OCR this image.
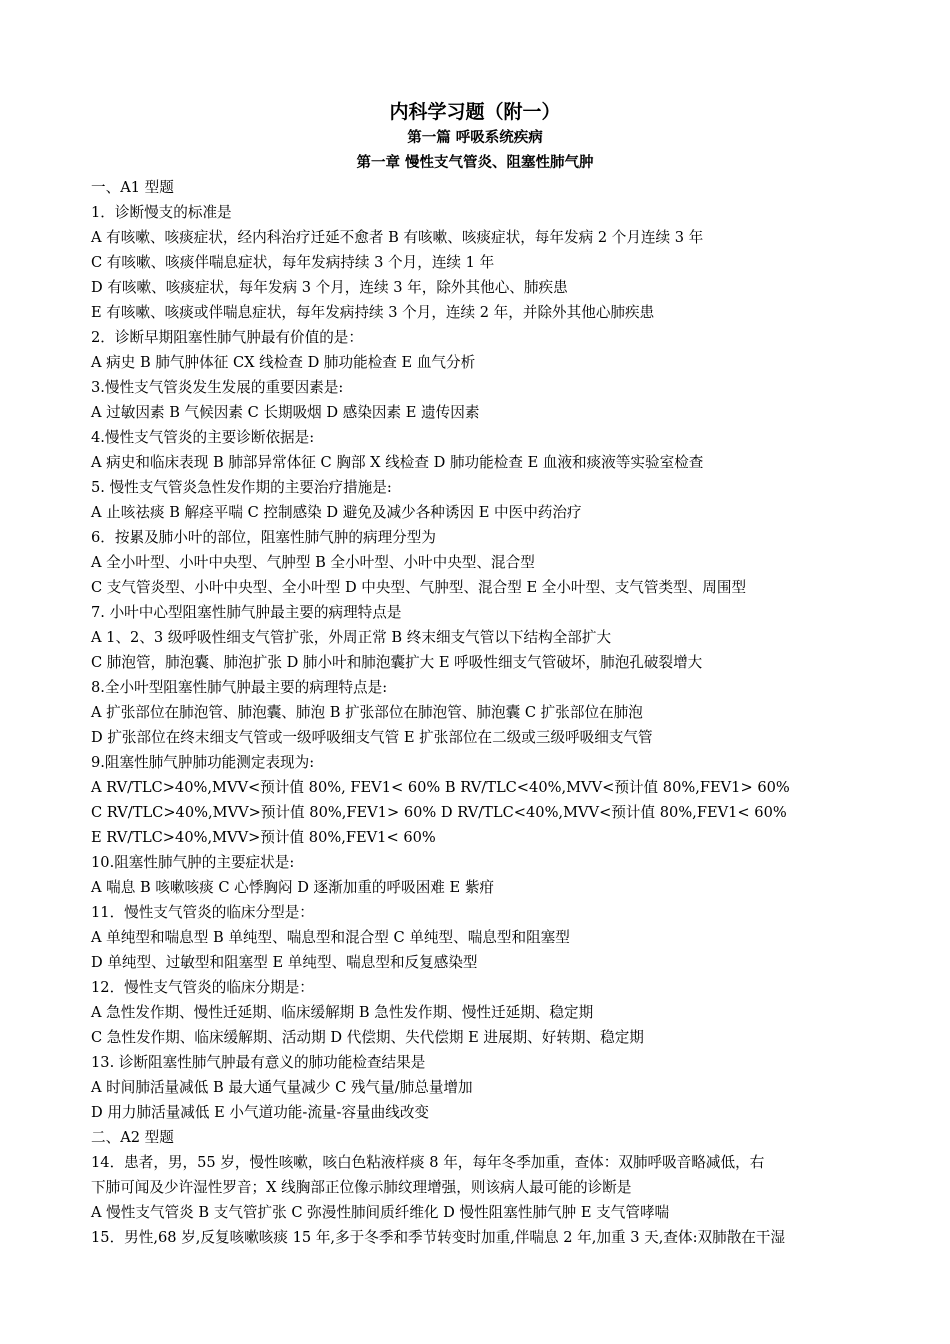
内科学习题（附一）
第一篇 呼吸系统疾病
第一章 慢性支气管炎、阻塞性肺气肿
一、A1 型题
1．诊断慢支的标准是
A 有咳嗽、咳痰症状，经内科治疗迁延不愈者 B 有咳嗽、咳痰症状，每年发病 2 个月连续 3 年
C 有咳嗽、咳痰伴喘息症状，每年发病持续 3 个月，连续 1 年
D 有咳嗽、咳痰症状，每年发病 3 个月，连续 3 年，除外其他心、肺疾患
E 有咳嗽、咳痰或伴喘息症状，每年发病持续 3 个月，连续 2 年，并除外其他心肺疾患
2．诊断早期阻塞性肺气肿最有价值的是：
A 病史 B 肺气肿体征 CX 线检查 D 肺功能检查 E 血气分析
3.慢性支气管炎发生发展的重要因素是:
A 过敏因素 B 气候因素 C 长期吸烟 D 感染因素 E 遗传因素
4.慢性支气管炎的主要诊断依据是:
A 病史和临床表现 B 肺部异常体征 C 胸部 X 线检查 D 肺功能检查 E 血液和痰液等实验室检查
5. 慢性支气管炎急性发作期的主要治疗措施是:
A 止咳祛痰 B 解痉平喘 C 控制感染 D 避免及减少各种诱因 E 中医中药治疗
6．按累及肺小叶的部位，阻塞性肺气肿的病理分型为
A 全小叶型、小叶中央型、气肿型 B 全小叶型、小叶中央型、混合型
C 支气管炎型、小叶中央型、全小叶型 D 中央型、气肿型、混合型 E 全小叶型、支气管类型、周围型
7. 小叶中心型阻塞性肺气肿最主要的病理特点是
A 1、2、3 级呼吸性细支气管扩张，外周正常 B 终末细支气管以下结构全部扩大
C 肺泡管，肺泡囊、肺泡扩张 D 肺小叶和肺泡囊扩大 E 呼吸性细支气管破坏，肺泡孔破裂增大
8.全小叶型阻塞性肺气肿最主要的病理特点是:
A 扩张部位在肺泡管、肺泡囊、肺泡 B 扩张部位在肺泡管、肺泡囊 C 扩张部位在肺泡
D 扩张部位在终末细支气管或一级呼吸细支气管 E 扩张部位在二级或三级呼吸细支气管
9.阻塞性肺气肿肺功能测定表现为:
A RV/TLC>40%,MVV<预计值 80%, FEV1< 60% B RV/TLC<40%,MVV<预计值 80%,FEV1> 60%
C RV/TLC>40%,MVV>预计值 80%,FEV1> 60% D RV/TLC<40%,MVV<预计值 80%,FEV1< 60%
E RV/TLC>40%,MVV>预计值 80%,FEV1< 60%
10.阻塞性肺气肿的主要症状是:
A 喘息 B 咳嗽咳痰 C 心悸胸闷 D 逐渐加重的呼吸困难 E 紫疳
11．慢性支气管炎的临床分型是：
A 单纯型和喘息型 B 单纯型、喘息型和混合型 C 单纯型、喘息型和阻塞型
D 单纯型、过敏型和阻塞型 E 单纯型、喘息型和反复感染型
12．慢性支气管炎的临床分期是：
A 急性发作期、慢性迁延期、临床缓解期 B 急性发作期、慢性迁延期、稳定期
C 急性发作期、临床缓解期、活动期 D 代偿期、失代偿期 E 进展期、好转期、稳定期
13. 诊断阻塞性肺气肿最有意义的肺功能检查结果是
A 时间肺活量减低 B 最大通气量减少 C 残气量/肺总量增加
D 用力肺活量减低 E 小气道功能-流量-容量曲线改变
二、A2 型题
14．患者，男，55 岁，慢性咳嗽，咳白色粘液样痰 8 年，每年冬季加重，查体：双肺呼吸音略减低，右
下肺可闻及少许湿性罗音；X 线胸部正位像示肺纹理增强，则该病人最可能的诊断是
A 慢性支气管炎 B 支气管扩张 C 弥漫性肺间质纤维化 D 慢性阻塞性肺气肿 E 支气管哮喘
15．男性,68 岁,反复咳嗽咳痰 15 年,多于冬季和季节转变时加重,伴喘息 2 年,加重 3 天,查体:双肺散在干湿
